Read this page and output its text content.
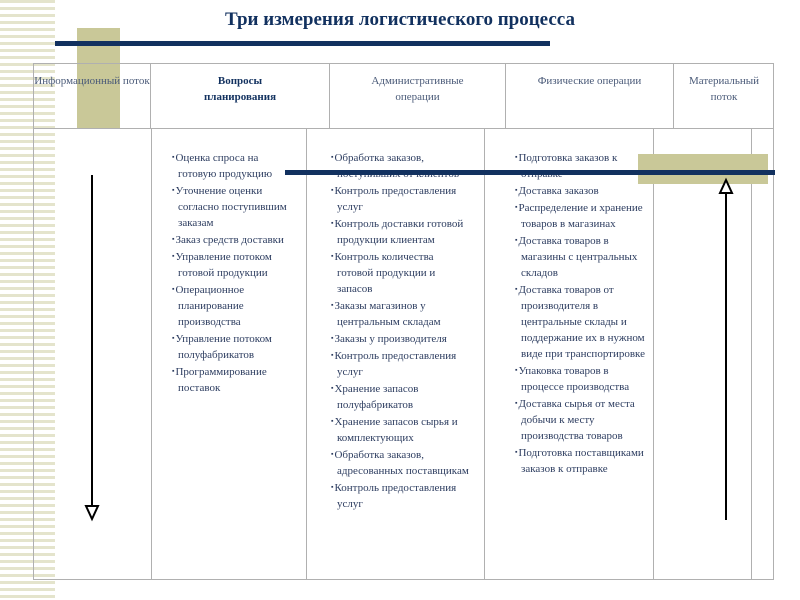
Три измерения логистического процесса
Информационный поток	Вопросы планирования
Административные операции
Физические операции	Материальный поток
▪ Оценка спроса на готовую продукцию
▪ Уточнение оценки согласно поступившим заказам
▪ Заказ средств доставки
▪ Управление потоком готовой продукции
▪ Операционное планирование производства
▪ Управление потоком полуфабрикатов
▪ Программирование поставок
▪ Обработка заказов,
▪ Контроль предоставления услуг
▪ Контроль доставки готовой продукции клиентам
▪ Контроль количества готовой продукции и запасов
▪ Заказы магазинов у центральным складам
▪ Заказы у производителя
▪ Контроль предоставления услуг
▪ Хранение запасов полуфабрикатов
▪ Хранение запасов сырья и комплектующих
▪ Обработка заказов, адресованных поставщикам
▪ Контроль предоставления услуг
▪ Подготовка заказов к
▪ Доставка заказов
▪ Распределение и хранение товаров в магазинах
▪ Доставка товаров в магазины с центральных складов
▪ Доставка товаров от производителя в центральные склады и поддержание их в нужном виде при транспортировке
▪ Упаковка товаров в процессе производства
▪ Доставка сырья от места добычи к месту производства товаров
▪ Подготовка поставщиками заказов к отправке
